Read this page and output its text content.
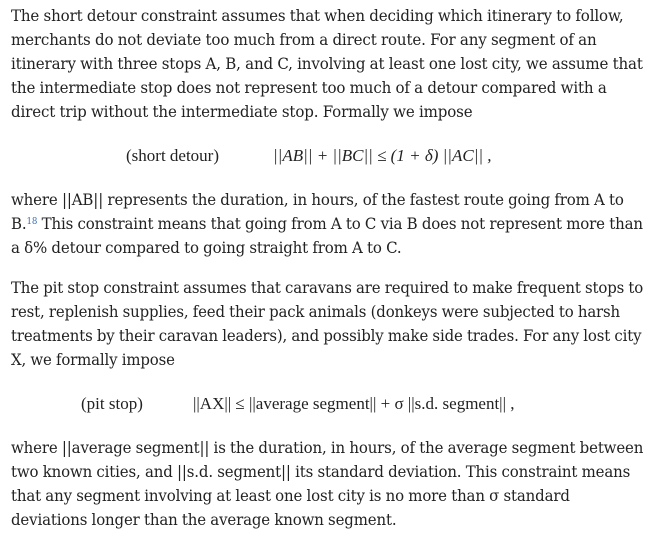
The short detour constraint assumes that when deciding which itinerary to follow,
merchants do not deviate too much from a direct route. For any segment of an
itinerary with three stops A, B, and C, involving at least one lost city, we assume that
the intermediate stop does not represent too much of a detour compared with a
direct trip without the intermediate stop. Formally we impose
(short detour)	||AB|| + ||BC|| ≤ (1 + δ) ||AC|| ,
where ||AB|| represents the duration, in hours, of the fastest route going from A to
B.$^{18}$ This constraint means that going from A to C via B does not represent more than
a δ% detour compared to going straight from A to C.
The pit stop constraint assumes that caravans are required to make frequent stops to
rest, replenish supplies, feed their pack animals (donkeys were subjected to harsh
treatments by their caravan leaders), and possibly make side trades. For any lost city
X, we formally impose
(pit stop)	||AX|| ≤ ||average segment|| + σ ||s.d. segment|| ,
where ||average segment|| is the duration, in hours, of the average segment between
two known cities, and ||s.d. segment|| its standard deviation. This constraint means
that any segment involving at least one lost city is no more than σ standard
deviations longer than the average known segment.
